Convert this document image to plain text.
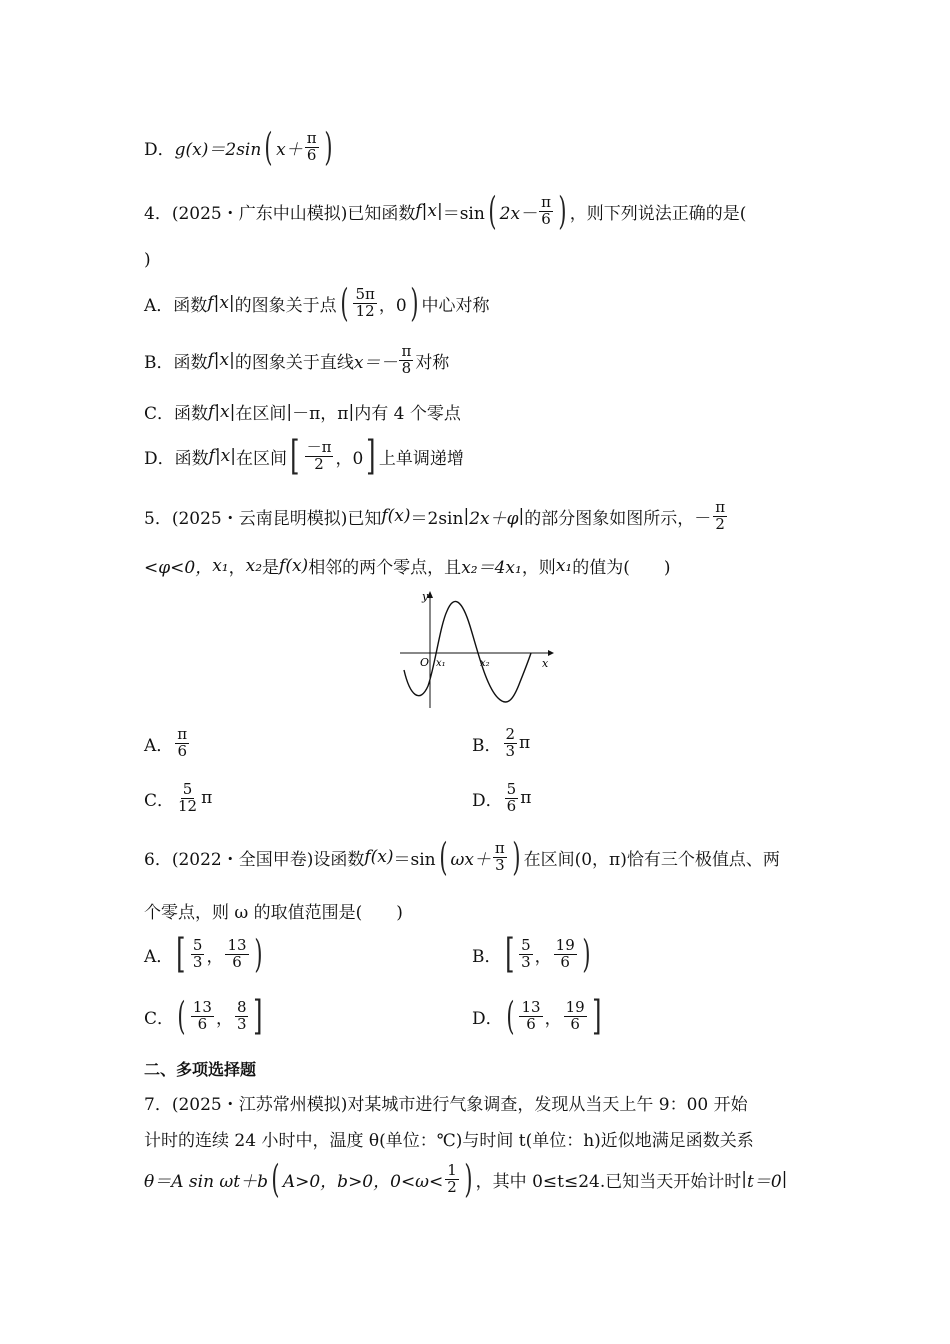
D． g(x)＝2sin ( $x+ \frac{\pi}{6}$ )
4．(2025・广东中山模拟)已知函数 f | x | ＝sin ( $2x- \frac{\pi}{6}$ ) ，则下列说法正确的是(
)
A．函数 f | x | 的图象关于点 ( $\frac{5\pi}{12}$ ，0 ) 中心对称
B．函数 f | x | 的图象关于直线 $x=- \frac{\pi}{8}$ 对称
C．函数 f | x | 在区间 | －π，π | 内有 4 个零点
D．函数 f | x | 在区间 [ $\frac{-\pi}{2}$ ，0 ] 上单调递增
5．(2025・云南昆明模拟)已知 f(x) ＝2sin | 2x＋φ | 的部分图象如图所示，－ $\frac{\pi}{2}$
<φ<0， x₁ ， x₂ 是 f(x) 相邻的两个零点，且 x₂＝4x₁ ，则 x₁ 的值为(　　)
y
x
O x₁	x₂
A． $\frac{\pi}{6}$	B． $\frac{2}{3}$ π
C． $\frac{5}{12}$ π	D． $\frac{5}{6}$ π
6．(2022・全国甲卷)设函数 f(x) ＝sin ( $\omega x+ \frac{\pi}{3}$ ) 在区间(0，π)恰有三个极值点、两
个零点，则 ω 的取值范围是(　　)
A． [ $\frac{5}{3}$ ， $\frac{13}{6}$ )	B． [ $\frac{5}{3}$ ， $\frac{19}{6}$ )
C． ( $\frac{13}{6}$ ， $\frac{8}{3}$ ]	D． ( $\frac{13}{6}$ ， $\frac{19}{6}$ ]
二、多项选择题
7．(2025・江苏常州模拟)对某城市进行气象调查，发现从当天上午 9：00 开始
计时的连续 24 小时中，温度 θ(单位：℃)与时间 t(单位：h)近似地满足函数关系
θ＝A sin ωt＋b ( A>0，b>0，$0<\omega< \frac{1}{2}$ ) ，其中 0≤t≤24.已知当天开始计时 | t＝0 |
